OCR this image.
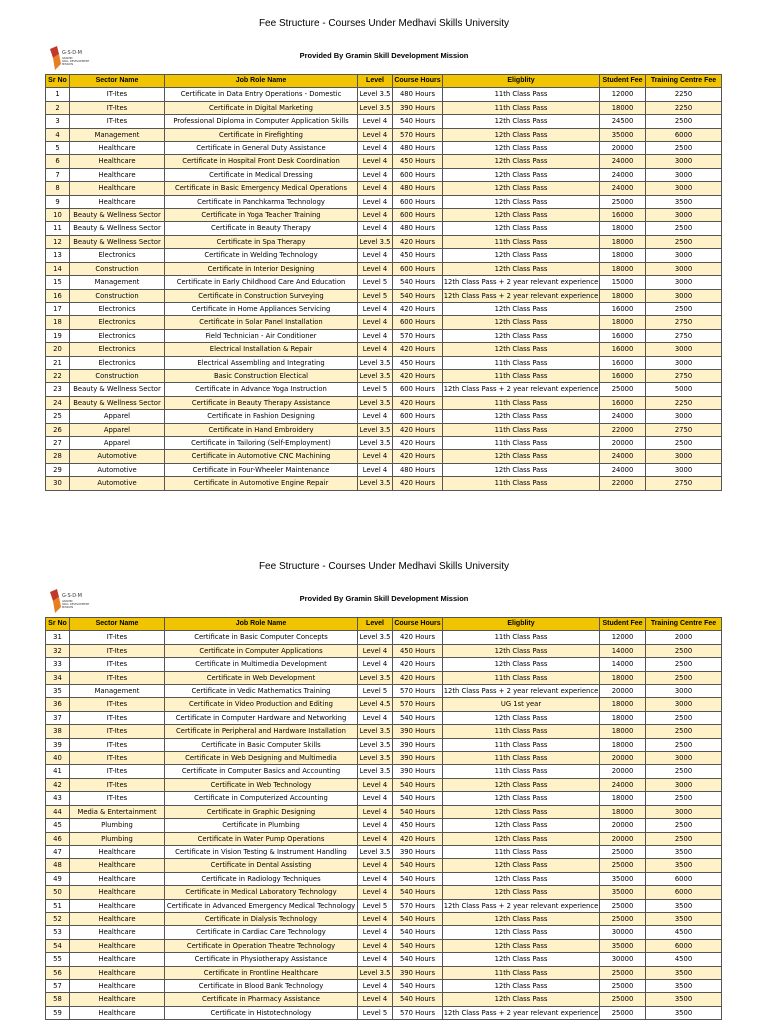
Fee Structure - Courses Under Medhavi Skills University
G·S·D·M
GRAMIN
SKILL DEVELOPMENT
MISSION
Provided By Gramin Skill Development Mission
Sr No	Sector Name	Job Role Name	Level	Course Hours	Eligblity	Student Fee	Training Centre Fee
1	IT-Ites	Certificate in Data Entry Operations - Domestic	Level 3.5	480 Hours	11th Class Pass	12000	2250
2	IT-Ites	Certificate in Digital Marketing	Level 3.5	390 Hours	11th Class Pass	18000	2250
3	IT-Ites	Professional Diploma in Computer Application Skills	Level 4	540 Hours	12th Class Pass	24500	2500
4	Management	Certificate in Firefighting	Level 4	570 Hours	12th Class Pass	35000	6000
5	Healthcare	Certificate in General Duty Assistance	Level 4	480 Hours	12th Class Pass	20000	2500
6	Healthcare	Certificate in Hospital Front Desk Coordination	Level 4	450 Hours	12th Class Pass	24000	3000
7	Healthcare	Certificate in Medical Dressing	Level 4	600 Hours	12th Class Pass	24000	3000
8	Healthcare	Certificate in Basic Emergency Medical Operations	Level 4	480 Hours	12th Class Pass	24000	3000
9	Healthcare	Certificate in Panchkarma Technology	Level 4	600 Hours	12th Class Pass	25000	3500
10	Beauty & Wellness Sector	Certificate in Yoga Teacher Training	Level 4	600 Hours	12th Class Pass	16000	3000
11	Beauty & Wellness Sector	Certificate in Beauty Therapy	Level 4	480 Hours	12th Class Pass	18000	2500
12	Beauty & Wellness Sector	Certificate in Spa Therapy	Level 3.5	420 Hours	11th Class Pass	18000	2500
13	Electronics	Certificate in Welding Technology	Level 4	450 Hours	12th Class Pass	18000	3000
14	Construction	Certificate in Interior Designing	Level 4	600 Hours	12th Class Pass	18000	3000
15	Management	Certificate in Early Childhood Care And Education	Level 5	540 Hours	12th Class Pass + 2 year relevant experience	15000	3000
16	Construction	Certificate in Construction Surveying	Level 5	540 Hours	12th Class Pass + 2 year relevant experience	18000	3000
17	Electronics	Certificate in Home Appliances Servicing	Level 4	420 Hours	12th Class Pass	16000	2500
18	Electronics	Certificate in Solar Panel Installation	Level 4	600 Hours	12th Class Pass	18000	2750
19	Electronics	Field Technician - Air Conditioner	Level 4	570 Hours	12th Class Pass	16000	2750
20	Electronics	Electrical Installation & Repair	Level 4	420 Hours	12th Class Pass	16000	3000
21	Electronics	Electrical Assembling and Integrating	Level 3.5	450 Hours	11th Class Pass	16000	3000
22	Construction	Basic Construction Electical	Level 3.5	420 Hours	11th Class Pass	16000	2750
23	Beauty & Wellness Sector	Certificate in Advance Yoga Instruction	Level 5	600 Hours	12th Class Pass + 2 year relevant experience	25000	5000
24	Beauty & Wellness Sector	Certificate in Beauty Therapy Assistance	Level 3.5	420 Hours	11th Class Pass	16000	2250
25	Apparel	Certificate in Fashion Designing	Level 4	600 Hours	12th Class Pass	24000	3000
26	Apparel	Certificate in Hand Embroidery	Level 3.5	420 Hours	11th Class Pass	22000	2750
27	Apparel	Certificate in Tailoring (Self-Employment)	Level 3.5	420 Hours	11th Class Pass	20000	2500
28	Automotive	Certificate in Automotive CNC Machining	Level 4	420 Hours	12th Class Pass	24000	3000
29	Automotive	Certificate in Four-Wheeler Maintenance	Level 4	480 Hours	12th Class Pass	24000	3000
30	Automotive	Certificate in Automotive Engine Repair	Level 3.5	420 Hours	11th Class Pass	22000	2750
Fee Structure - Courses Under Medhavi Skills University
G·S·D·M
GRAMIN
SKILL DEVELOPMENT
MISSION
Provided By Gramin Skill Development Mission
Sr No	Sector Name	Job Role Name	Level	Course Hours	Eligblity	Student Fee	Training Centre Fee
31	IT-Ites	Certificate in Basic Computer Concepts	Level 3.5	420 Hours	11th Class Pass	12000	2000
32	IT-Ites	Certificate in Computer Applications	Level 4	450 Hours	12th Class Pass	14000	2500
33	IT-Ites	Certificate in Multimedia Development	Level 4	420 Hours	12th Class Pass	14000	2500
34	IT-Ites	Certificate in Web Development	Level 3.5	420 Hours	11th Class Pass	18000	2500
35	Management	Certificate in Vedic Mathematics Training	Level 5	570 Hours	12th Class Pass + 2 year relevant experience	20000	3000
36	IT-Ites	Certificate in Video Production and Editing	Level 4.5	570 Hours	UG 1st year	18000	3000
37	IT-Ites	Certificate in Computer Hardware and Networking	Level 4	540 Hours	12th Class Pass	18000	2500
38	IT-Ites	Certificate in Peripheral and Hardware Installation	Level 3.5	390 Hours	11th Class Pass	18000	2500
39	IT-Ites	Certificate in Basic Computer Skills	Level 3.5	390 Hours	11th Class Pass	18000	2500
40	IT-Ites	Certificate in Web Designing and Multimedia	Level 3.5	390 Hours	11th Class Pass	20000	3000
41	IT-Ites	Certificate in Computer Basics and Accounting	Level 3.5	390 Hours	11th Class Pass	20000	2500
42	IT-Ites	Certificate in Web Technology	Level 4	540 Hours	12th Class Pass	24000	3000
43	IT-Ites	Certificate in Computerized Accounting	Level 4	540 Hours	12th Class Pass	18000	2500
44	Media & Entertainment	Certificate in Graphic Designing	Level 4	540 Hours	12th Class Pass	18000	3000
45	Plumbing	Certificate in Plumbing	Level 4	450 Hours	12th Class Pass	20000	2500
46	Plumbing	Certificate in Water Pump Operations	Level 4	420 Hours	12th Class Pass	20000	2500
47	Healthcare	Certificate in Vision Testing & Instrument Handling	Level 3.5	390 Hours	11th Class Pass	25000	3500
48	Healthcare	Certificate in Dental Assisting	Level 4	540 Hours	12th Class Pass	25000	3500
49	Healthcare	Certificate in Radiology Techniques	Level 4	540 Hours	12th Class Pass	35000	6000
50	Healthcare	Certificate in Medical Laboratory Technology	Level 4	540 Hours	12th Class Pass	35000	6000
51	Healthcare	Certificate in Advanced Emergency Medical Technology	Level 5	570 Hours	12th Class Pass + 2 year relevant experience	25000	3500
52	Healthcare	Certificate in Dialysis Technology	Level 4	540 Hours	12th Class Pass	25000	3500
53	Healthcare	Certificate in Cardiac Care Technology	Level 4	540 Hours	12th Class Pass	30000	4500
54	Healthcare	Certificate in Operation Theatre Technology	Level 4	540 Hours	12th Class Pass	35000	6000
55	Healthcare	Certificate in Physiotherapy Assistance	Level 4	540 Hours	12th Class Pass	30000	4500
56	Healthcare	Certificate in Frontline Healthcare	Level 3.5	390 Hours	11th Class Pass	25000	3500
57	Healthcare	Certificate in Blood Bank Technology	Level 4	540 Hours	12th Class Pass	25000	3500
58	Healthcare	Certificate in Pharmacy Assistance	Level 4	540 Hours	12th Class Pass	25000	3500
59	Healthcare	Certificate in Histotechnology	Level 5	570 Hours	12th Class Pass + 2 year relevant experience	25000	3500
